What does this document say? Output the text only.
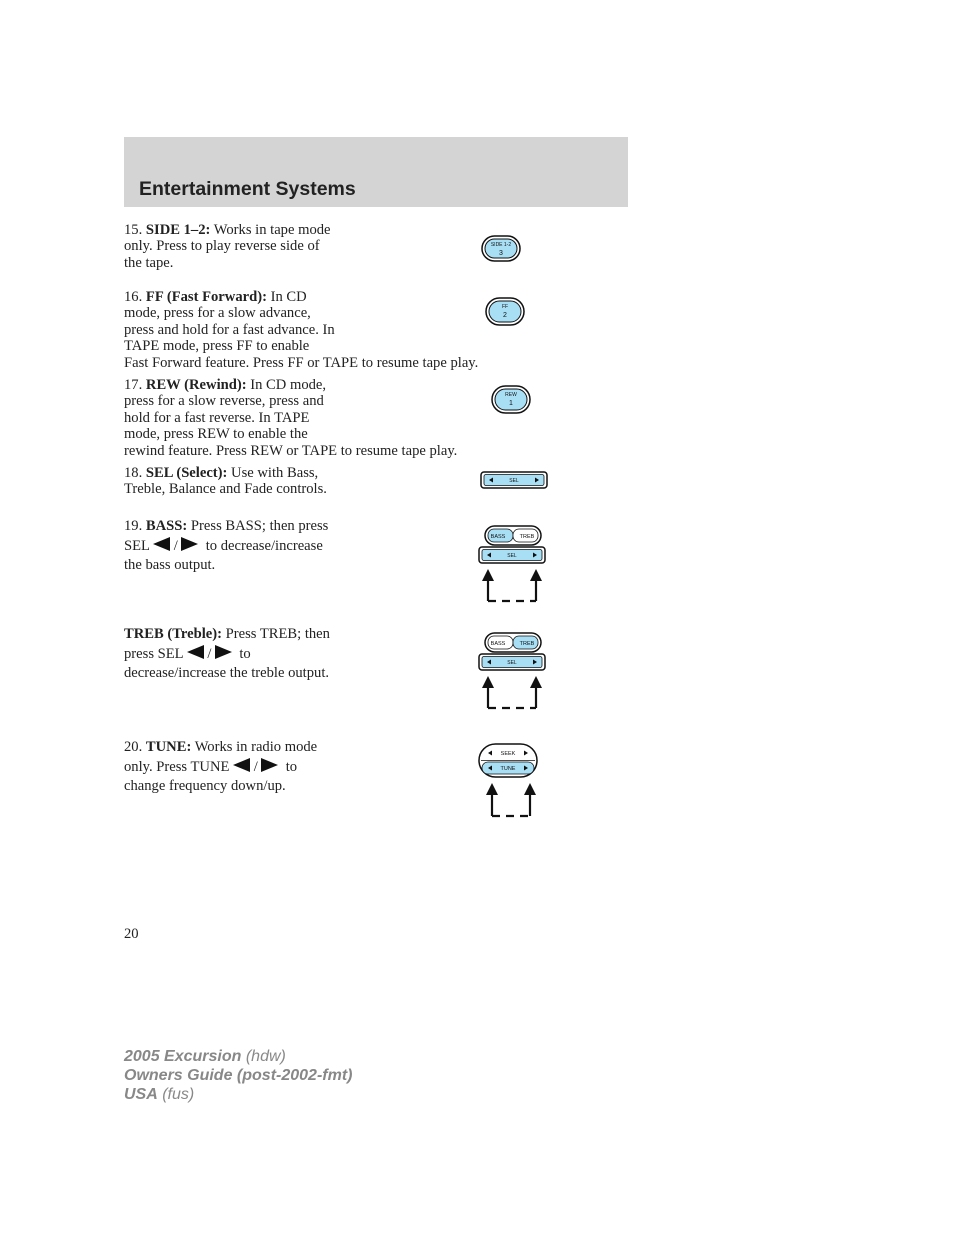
Entertainment Systems

15. SIDE 1–2: Works in tape mode
only. Press to play reverse side of
the tape.

SIDE 1-2
3

16. FF (Fast Forward): In CD
mode, press for a slow advance,
press and hold for a fast advance. In
TAPE mode, press FF to enable
Fast Forward feature. Press FF or TAPE to resume tape play.

FF
2

17. REW (Rewind): In CD mode,
press for a slow reverse, press and
hold for a fast reverse. In TAPE
mode, press REW to enable the
rewind feature. Press REW or TAPE to resume tape play.

REW
1

18. SEL (Select): Use with Bass,
Treble, Balance and Fade controls.

SEL

19. BASS: Press BASS; then press
SEL / to decrease/increase
the bass output.

BASS	TREB
SEL

TREB (Treble): Press TREB; then
press SEL / to
decrease/increase the treble output.

BASS	TREB
SEL

20. TUNE: Works in radio mode
only. Press TUNE / to
change frequency down/up.

SEEK
TUNE
20
2005 Excursion (hdw)
Owners Guide (post-2002-fmt)
USA (fus)
